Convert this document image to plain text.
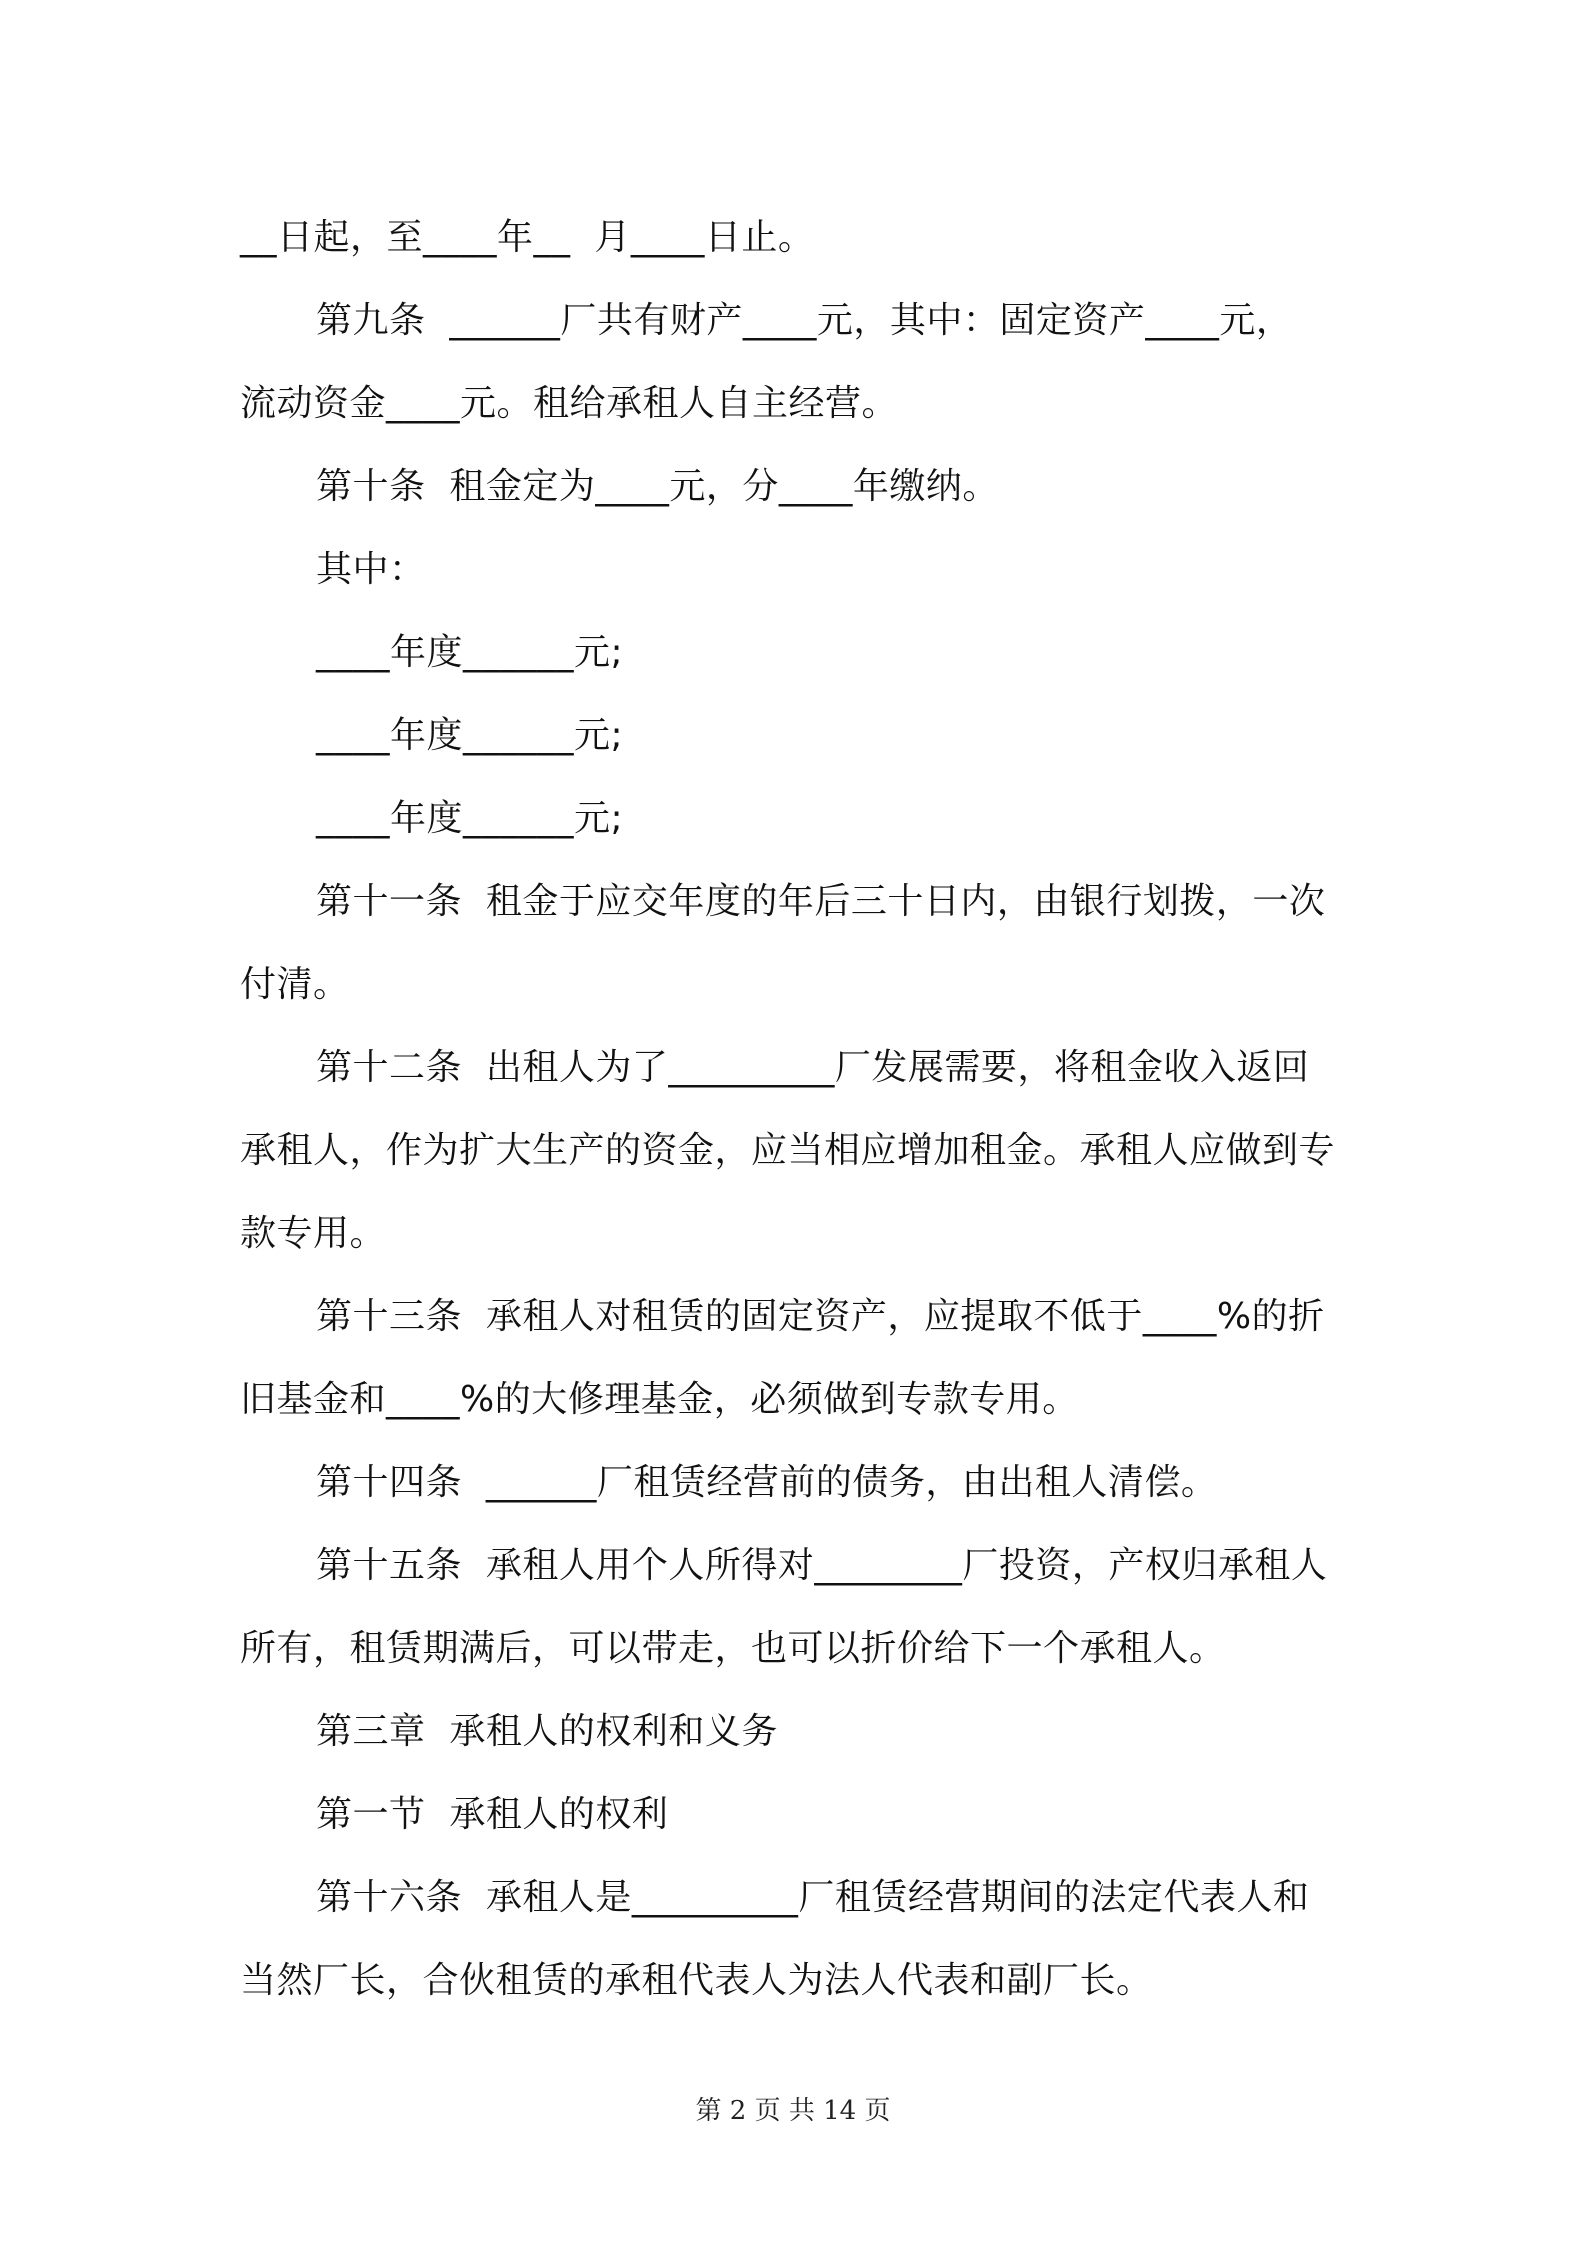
__日起，至____年__  月____日止。
第九条  ______厂共有财产____元，其中：固定资产____元，
流动资金____元。租给承租人自主经营。
第十条  租金定为____元，分____年缴纳。
其中：
____年度______元;
____年度______元;
____年度______元;
第十一条  租金于应交年度的年后三十日内，由银行划拨，一次
付清。
第十二条  出租人为了_________厂发展需要，将租金收入返回
承租人，作为扩大生产的资金，应当相应增加租金。承租人应做到专
款专用。
第十三条  承租人对租赁的固定资产，应提取不低于____%的折
旧基金和____%的大修理基金，必须做到专款专用。
第十四条  ______厂租赁经营前的债务，由出租人清偿。
第十五条  承租人用个人所得对________厂投资，产权归承租人
所有，租赁期满后，可以带走，也可以折价给下一个承租人。
第三章  承租人的权利和义务
第一节  承租人的权利
第十六条  承租人是_________厂租赁经营期间的法定代表人和
当然厂长，合伙租赁的承租代表人为法人代表和副厂长。
第 2 页 共 14 页
